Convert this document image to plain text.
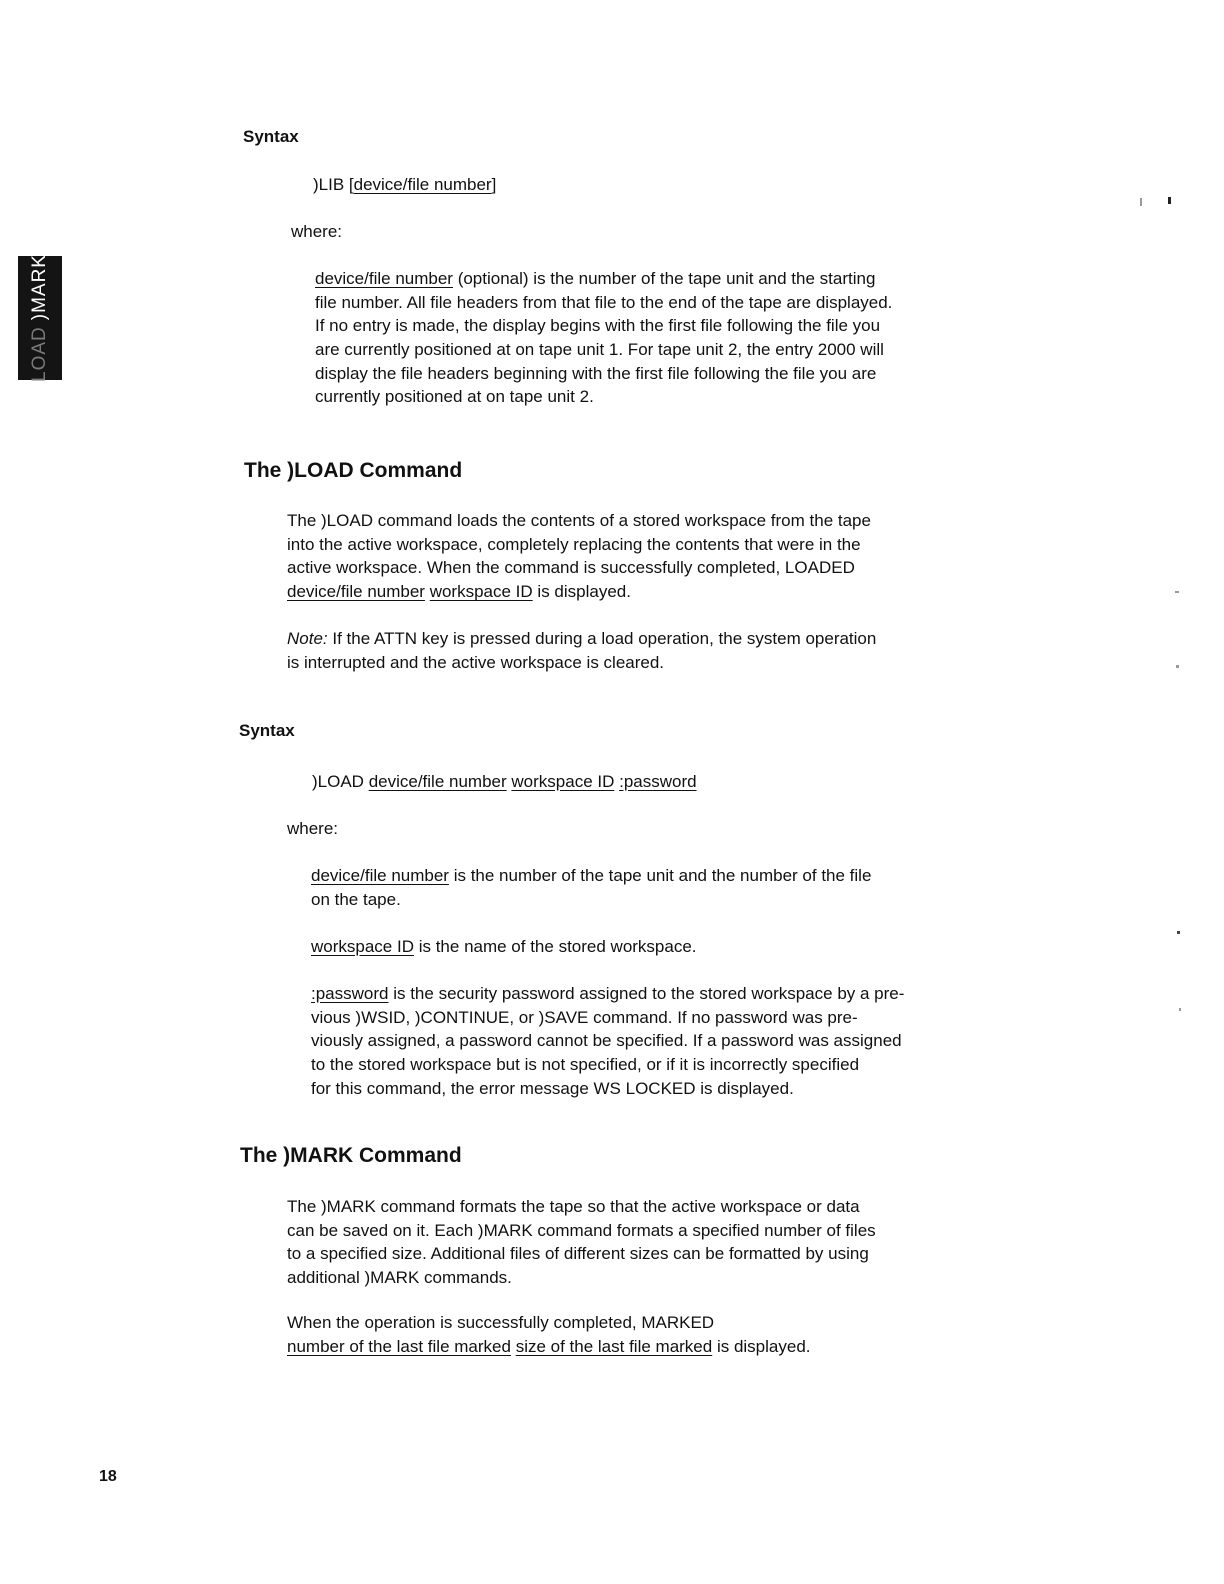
LOAD)MARK
Syntax
)LIB [device/file number]
where:
device/file number (optional) is the number of the tape unit and the starting
file number. All file headers from that file to the end of the tape are displayed.
If no entry is made, the display begins with the first file following the file you
are currently positioned at on tape unit 1. For tape unit 2, the entry 2000 will
display the file headers beginning with the first file following the file you are
currently positioned at on tape unit 2.
The )LOAD Command
The )LOAD command loads the contents of a stored workspace from the tape
into the active workspace, completely replacing the contents that were in the
active workspace. When the command is successfully completed, LOADED
device/file number workspace ID is displayed.
Note: If the ATTN key is pressed during a load operation, the system operation
is interrupted and the active workspace is cleared.
Syntax
)LOAD device/file number workspace ID :password
where:
device/file number is the number of the tape unit and the number of the file
on the tape.
workspace ID is the name of the stored workspace.
:password is the security password assigned to the stored workspace by a pre-
vious )WSID, )CONTINUE, or )SAVE command. If no password was pre-
viously assigned, a password cannot be specified. If a password was assigned
to the stored workspace but is not specified, or if it is incorrectly specified
for this command, the error message WS LOCKED is displayed.
The )MARK Command
The )MARK command formats the tape so that the active workspace or data
can be saved on it. Each )MARK command formats a specified number of files
to a specified size. Additional files of different sizes can be formatted by using
additional )MARK commands.
When the operation is successfully completed, MARKED
number of the last file marked size of the last file marked is displayed.
18
